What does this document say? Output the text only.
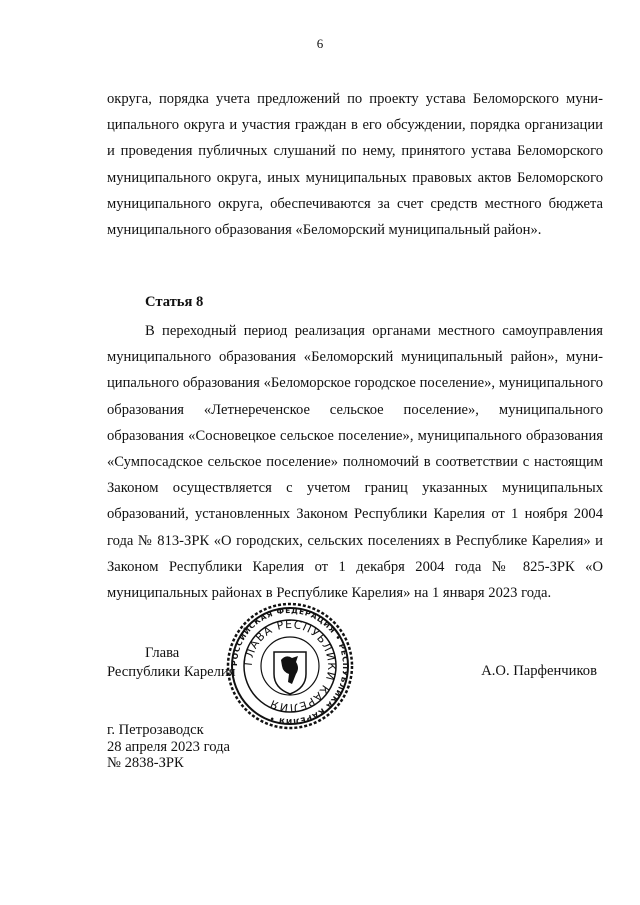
6

округа, порядка учета предложений по проекту устава Беломорского муниципального округа и участия граждан в его обсуждении, порядка организации и проведения публичных слушаний по нему, принятого устава Беломорского муниципального округа, иных муниципальных правовых актов Беломорского муниципального округа, обеспечиваются за счет средств местного бюджета муниципального образования «Беломорский муниципальный район».

Статья 8

В переходный период реализация органами местного самоуправления муниципального образования «Беломорский муниципальный район», муниципального образования «Беломорское городское поселение», муниципального образования «Летнереченское сельское поселение», муниципального образования «Сосновецкое сельское поселение», муниципального образования «Сумпосадское сельское поселение» полномочий в соответствии с настоящим Законом осуществляется с учетом границ указанных муниципальных образований, установленных Законом Республики Карелия от 1 ноября 2004 года № 813-ЗРК «О городских, сельских поселениях в Республике Карелия» и Законом Республики Карелия от 1 декабря 2004 года № 825-ЗРК «О муниципальных районах в Республике Карелия» на 1 января 2023 года.

Глава
Республики Карелия
РОССИЙСКАЯ ФЕДЕРАЦИЯ • РЕСПУБЛИКА КАРЕЛИЯ •
ГЛАВА РЕСПУБЛИКИ КАРЕЛИЯ
А.О. Парфенчиков
г. Петрозаводск
28 апреля 2023 года
№ 2838-ЗРК
